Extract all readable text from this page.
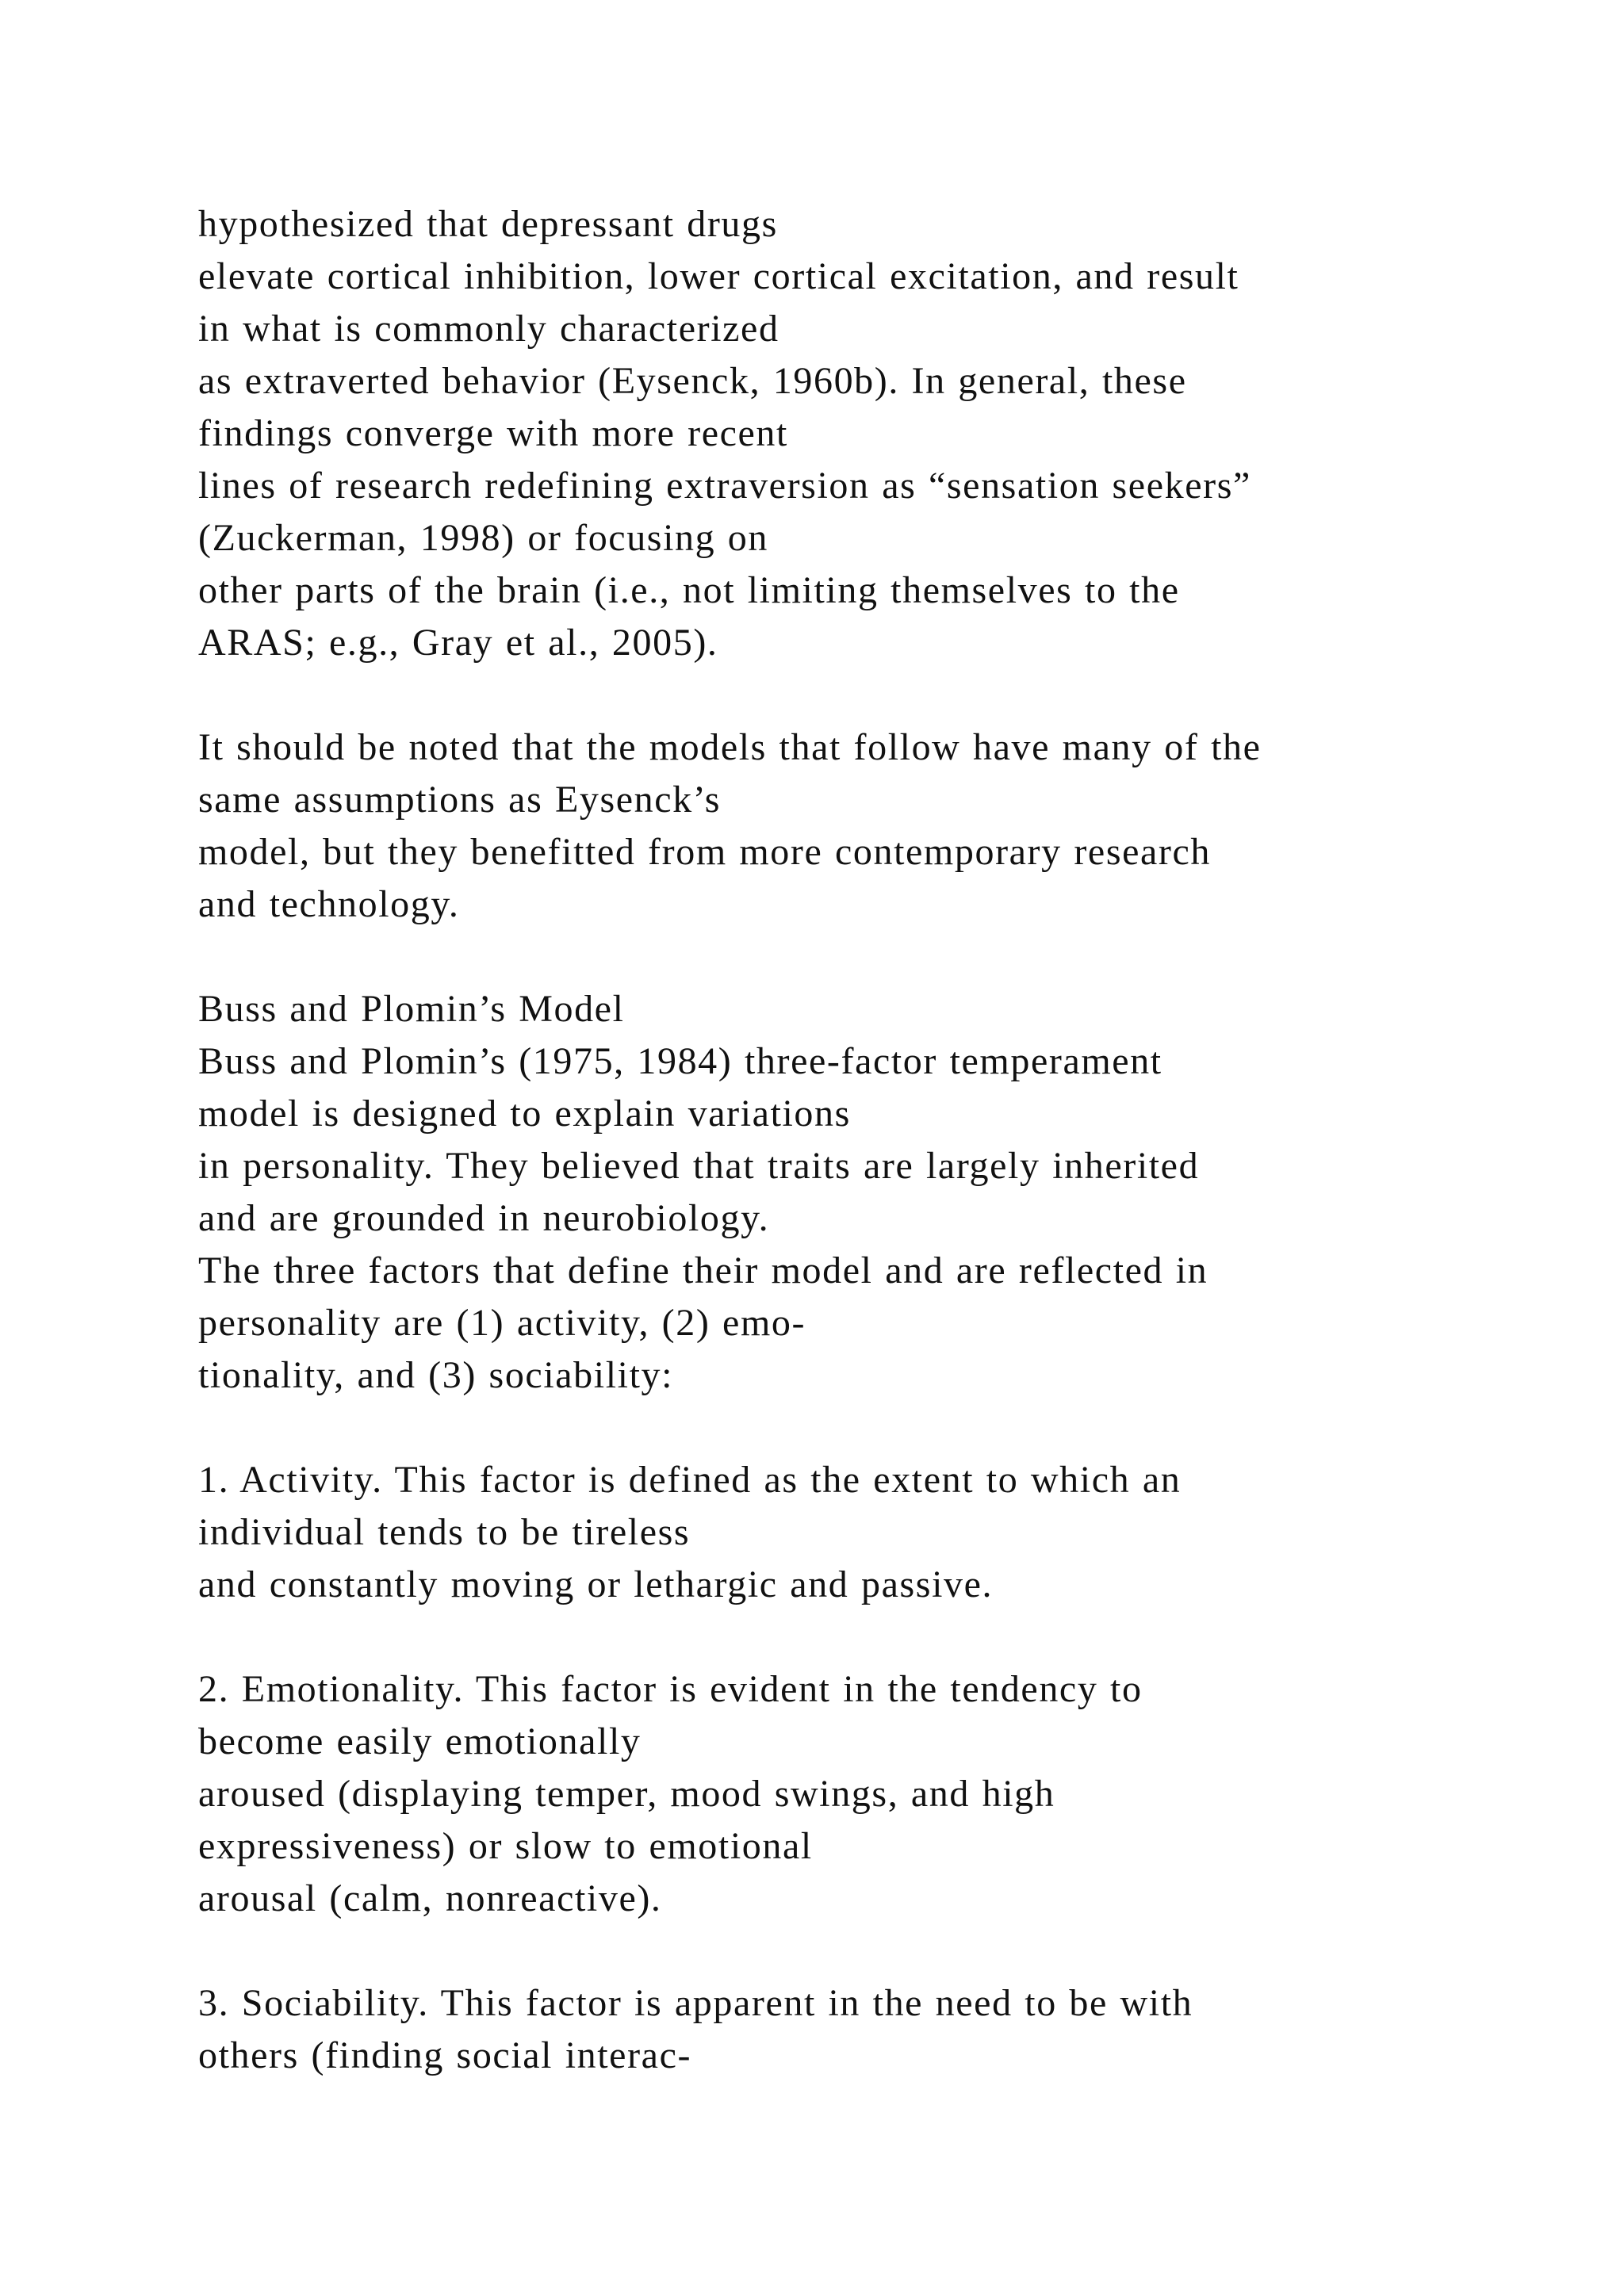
hypothesized that depressant drugs
elevate cortical inhibition, lower cortical excitation, and result
in what is commonly characterized
as extraverted behavior (Eysenck, 1960b). In general, these
findings converge with more recent
lines of research redefining extraversion as “sensation seekers”
(Zuckerman, 1998) or focusing on
other parts of the brain (i.e., not limiting themselves to the
ARAS; e.g., Gray et al., 2005).
It should be noted that the models that follow have many of the
same assumptions as Eysenck’s
model, but they benefitted from more contemporary research
and technology.
Buss and Plomin’s Model
Buss and Plomin’s (1975, 1984) three-factor temperament
model is designed to explain variations
in personality. They believed that traits are largely inherited
and are grounded in neurobiology.
The three factors that define their model and are reflected in
personality are (1) activity, (2) emo-
tionality, and (3) sociability:
1. Activity. This factor is defined as the extent to which an
individual tends to be tireless
and constantly moving or lethargic and passive.
2. Emotionality. This factor is evident in the tendency to
become easily emotionally
aroused (displaying temper, mood swings, and high
expressiveness) or slow to emotional
arousal (calm, nonreactive).
3. Sociability. This factor is apparent in the need to be with
others (finding social interac-
